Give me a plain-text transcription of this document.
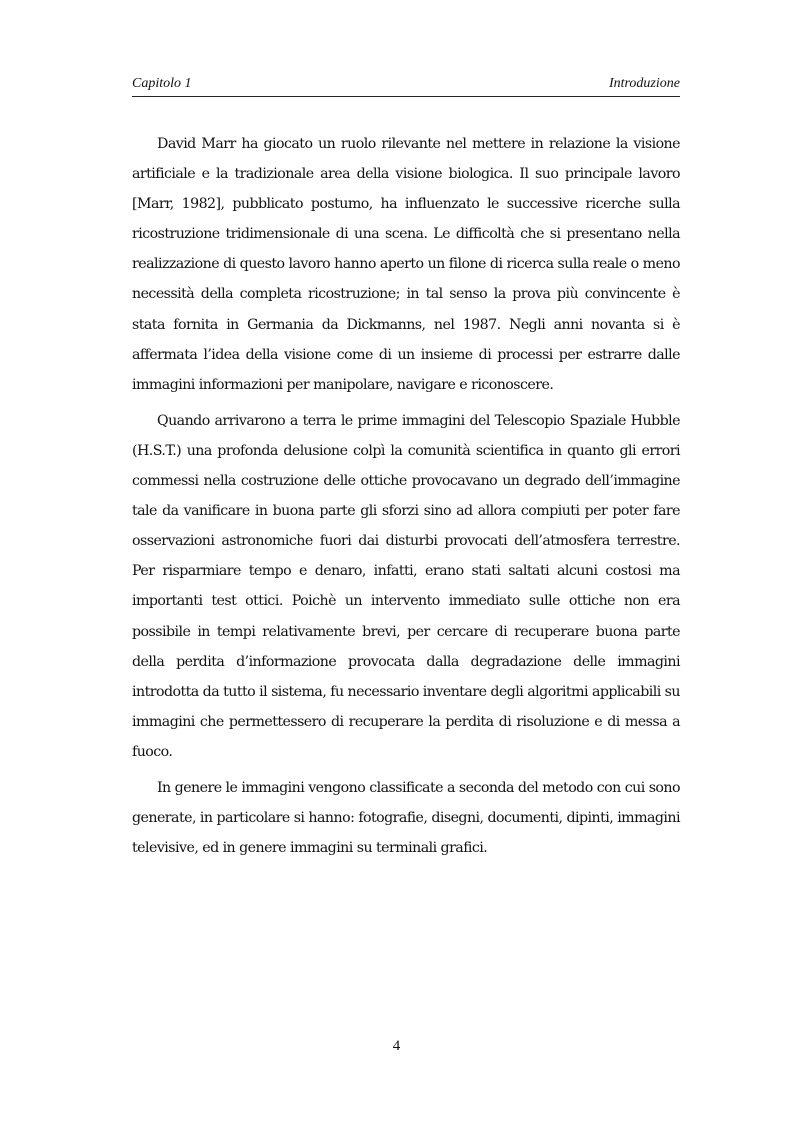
Capitolo 1	Introduzione

David Marr ha giocato un ruolo rilevante nel mettere in relazione la visione artificiale e la tradizionale area della visione biologica. Il suo principale lavoro [Marr, 1982], pubblicato postumo, ha influenzato le successive ricerche sulla ricostruzione tridimensionale di una scena. Le difficoltà che si presentano nella realizzazione di questo lavoro hanno aperto un filone di ricerca sulla reale o meno necessità della completa ricostruzione; in tal senso la prova più convincente è stata fornita in Germania da Dickmanns, nel 1987. Negli anni novanta si è affermata l’idea della visione come di un insieme di processi per estrarre dalle immagini informazioni per manipolare, navigare e riconoscere.

Quando arrivarono a terra le prime immagini del Telescopio Spaziale Hubble (H.S.T.) una profonda delusione colpì la comunità scientifica in quanto gli errori commessi nella costruzione delle ottiche provocavano un degrado dell’immagine tale da vanificare in buona parte gli sforzi sino ad allora compiuti per poter fare osservazioni astronomiche fuori dai disturbi provocati dell’atmosfera terrestre. Per risparmiare tempo e denaro, infatti, erano stati saltati alcuni costosi ma importanti test ottici. Poichè un intervento immediato sulle ottiche non era possibile in tempi relativamente brevi, per cercare di recuperare buona parte della perdita d’informazione provocata dalla degradazione delle immagini introdotta da tutto il sistema, fu necessario inventare degli algoritmi applicabili su immagini che permettessero di recuperare la perdita di risoluzione e di messa a fuoco.

In genere le immagini vengono classificate a seconda del metodo con cui sono generate, in particolare si hanno: fotografie, disegni, documenti, dipinti, immagini televisive, ed in genere immagini su terminali grafici.

4
